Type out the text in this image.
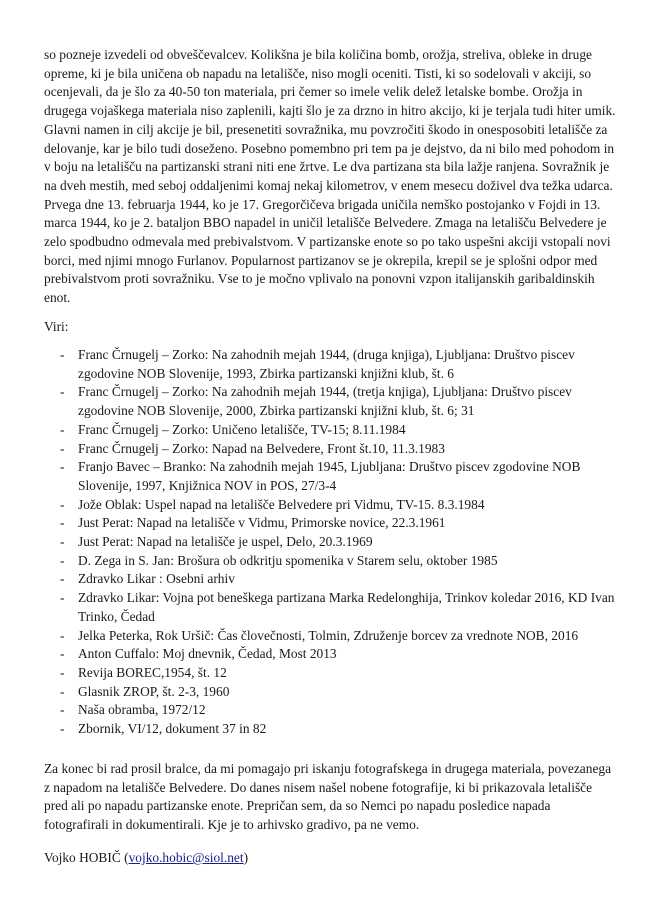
so pozneje izvedeli od obveščevalcev. Kolikšna je bila količina bomb, orožja, streliva, obleke in druge opreme, ki je bila uničena ob napadu na letališče, niso mogli oceniti. Tisti, ki so sodelovali v akciji, so ocenjevali, da je šlo za 40-50 ton materiala, pri čemer so imele velik delež letalske bombe. Orožja in drugega vojaškega materiala niso zaplenili, kajti šlo je za drzno in hitro akcijo, ki je terjala tudi hiter umik. Glavni namen in cilj akcije je bil, presenetiti sovražnika, mu povzročiti škodo in onesposobiti letališče za delovanje, kar je bilo tudi doseženo. Posebno pomembno pri tem pa je dejstvo, da ni bilo med pohodom in v boju na letališču na partizanski strani niti ene žrtve. Le dva partizana sta bila lažje ranjena. Sovražnik je na dveh mestih, med seboj oddaljenimi komaj nekaj kilometrov, v enem mesecu doživel dva težka udarca. Prvega dne 13. februarja 1944, ko je 17. Gregorčičeva brigada uničila nemško postojanko v Fojdi in 13. marca 1944, ko je 2. bataljon BBO napadel in uničil letališče Belvedere. Zmaga na letališču Belvedere je zelo spodbudno odmevala med prebivalstvom. V partizanske enote so po tako uspešni akciji vstopali novi borci, med njimi mnogo Furlanov. Popularnost partizanov se je okrepila, krepil se je splošni odpor med prebivalstvom proti sovražniku. Vse to je močno vplivalo na ponovni vzpon italijanskih garibaldinskih enot.

Viri:

- Franc Črnugelj – Zorko: Na zahodnih mejah 1944, (druga knjiga), Ljubljana: Društvo piscev zgodovine NOB Slovenije, 1993, Zbirka partizanski knjižni klub, št. 6
- Franc Črnugelj – Zorko: Na zahodnih mejah 1944, (tretja knjiga), Ljubljana: Društvo piscev zgodovine NOB Slovenije, 2000, Zbirka partizanski knjižni klub, št. 6; 31
- Franc Črnugelj – Zorko: Uničeno letališče, TV-15; 8.11.1984
- Franc Črnugelj – Zorko: Napad na Belvedere, Front št.10, 11.3.1983
- Franjo Bavec – Branko: Na zahodnih mejah 1945, Ljubljana: Društvo piscev zgodovine NOB Slovenije, 1997, Knjižnica NOV in POS, 27/3-4
- Jože Oblak: Uspel napad na letališče Belvedere pri Vidmu, TV-15. 8.3.1984
- Just Perat: Napad na letališče v Vidmu, Primorske novice, 22.3.1961
- Just Perat: Napad na letališče je uspel, Delo, 20.3.1969
- D. Zega in S. Jan: Brošura ob odkritju spomenika v Starem selu, oktober 1985
- Zdravko Likar : Osebni arhiv
- Zdravko Likar: Vojna pot beneškega partizana Marka Redelonghija, Trinkov koledar 2016, KD Ivan Trinko, Čedad
- Jelka Peterka, Rok Uršič: Čas človečnosti, Tolmin, Združenje borcev za vrednote NOB, 2016
- Anton Cuffalo: Moj dnevnik, Čedad, Most 2013
- Revija BOREC,1954, št. 12
- Glasnik ZROP, št. 2-3, 1960
- Naša obramba, 1972/12
- Zbornik, VI/12, dokument 37 in 82

Za konec bi rad prosil bralce, da mi pomagajo pri iskanju fotografskega in drugega materiala, povezanega z napadom na letališče Belvedere. Do danes nisem našel nobene fotografije, ki bi prikazovala letališče pred ali po napadu partizanske enote. Prepričan sem, da so Nemci po napadu posledice napada fotografirali in dokumentirali. Kje je to arhivsko gradivo, pa ne vemo.

Vojko HOBIČ (vojko.hobic@siol.net)
